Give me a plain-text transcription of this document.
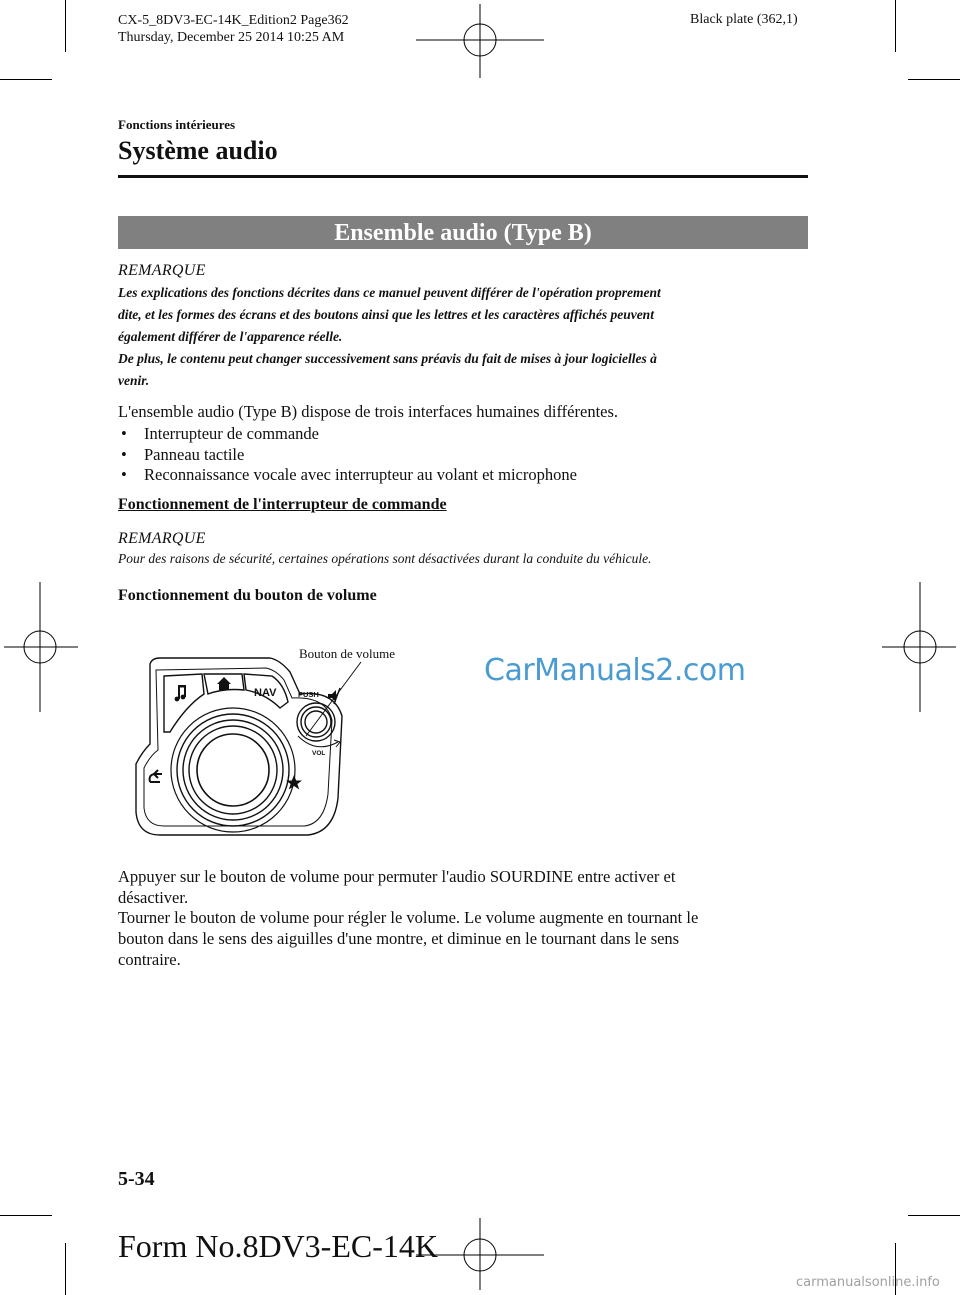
CX-5_8DV3-EC-14K_Edition2 Page362
Thursday, December 25 2014 10:25 AM
Black plate (362,1)
Fonctions intérieures
Système audio
Ensemble audio (Type B)
REMARQUE
Les explications des fonctions décrites dans ce manuel peuvent différer de l'opération proprement
dite, et les formes des écrans et des boutons ainsi que les lettres et les caractères affichés peuvent
également différer de l'apparence réelle.
De plus, le contenu peut changer successivement sans préavis du fait de mises à jour logicielles à
venir.
L'ensemble audio (Type B) dispose de trois interfaces humaines différentes.
• Interrupteur de commande
• Panneau tactile
• Reconnaissance vocale avec interrupteur au volant et microphone
Fonctionnement de l'interrupteur de commande
REMARQUE
Pour des raisons de sécurité, certaines opérations sont désactivées durant la conduite du véhicule.
Fonctionnement du bouton de volume
Bouton de volume
NAV	PUSH
VOL
CarManuals2.com
Appuyer sur le bouton de volume pour permuter l'audio SOURDINE entre activer et
désactiver.
Tourner le bouton de volume pour régler le volume. Le volume augmente en tournant le
bouton dans le sens des aiguilles d'une montre, et diminue en le tournant dans le sens
contraire.
5-34
Form No.8DV3-EC-14K
carmanualsonline.info
